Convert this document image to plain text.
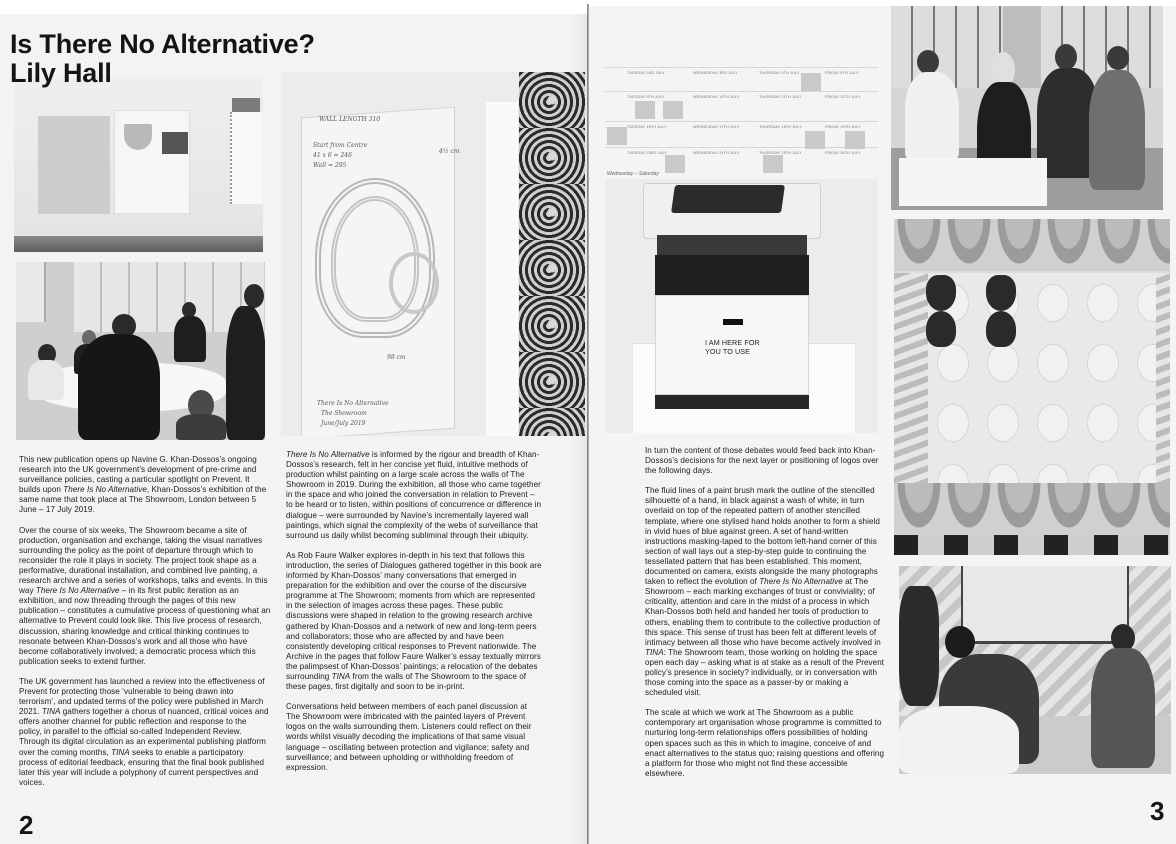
Is There No Alternative?
Lily Hall
WALL LENGTH 310
Start from Centre
41 x 6 = 246
Wall = 295
4½ cm
98 cm
There Is No Alternative
The Showroom
June/July 2019

This new publication opens up Navine G. Khan-Dossos’s ongoing research into the UK government’s development of pre-crime and surveillance policies, casting a particular spotlight on Prevent. It builds upon There Is No Alternative, Khan-Dossos’s exhibition of the same name that took place at The Showroom, London between 5 June – 17 July 2019.

Over the course of six weeks, The Showroom became a site of production, organisation and exchange, taking the visual narratives surrounding the policy as the point of departure through which to reconsider the role it plays in society. The project took shape as a performative, durational installation, and combined live painting, a research archive and a series of workshops, talks and events. In this way There Is No Alternative – in its first public iteration as an exhibition, and now threading through the pages of this new publication – constitutes a cumulative process of questioning what an alternative to Prevent could look like. This live process of research, discussion, sharing knowledge and critical thinking continues to resonate between Khan-Dossos’s work and all those who have become collaboratively involved; a democratic process which this publication seeks to extend further.

The UK government has launched a review into the effectiveness of Prevent for protecting those ‘vulnerable to being drawn into terrorism’, and updated terms of the policy were published in March 2021. TINA gathers together a chorus of nuanced, critical voices and offers another channel for public reflection and response to the policy, in parallel to the official so-called Independent Review. Through its digital circulation as an experimental publishing platform over the coming months, TINA seeks to enable a participatory process of editorial feedback, ensuring that the final book published later this year will include a polyphony of current perspectives and voices.

There Is No Alternative is informed by the rigour and breadth of Khan-Dossos’s research, felt in her concise yet fluid, intuitive methods of production whilst painting on a large scale across the walls of The Showroom in 2019. During the exhibition, all those who came together in the space and who joined the conversation in relation to Prevent – to be heard or to listen, within positions of concurrence or difference in dialogue – were surrounded by Navine’s incrementally layered wall paintings, which signal the complexity of the webs of surveillance that surround us daily whilst becoming subliminal through their ubiquity.

As Rob Faure Walker explores in-depth in his text that follows this introduction, the series of Dialogues gathered together in this book are informed by Khan-Dossos’ many conversations that emerged in preparation for the exhibition and over the course of the discursive programme at The Showroom; moments from which are represented in the selection of images across these pages. These public discussions were shaped in relation to the growing research archive gathered by Khan-Dossos and a network of new and long-term peers and collaborators; those who are affected by and have been consistently developing critical responses to Prevent nationwide. The Archive in the pages that follow Faure Walker’s essay textually mirrors the palimpsest of Khan-Dossos’ paintings; a relocation of the debates surrounding TINA from the walls of The Showroom to the space of these pages, first digitally and soon to be in-print.

Conversations held between members of each panel discussion at The Showroom were imbricated with the painted layers of Prevent logos on the walls surrounding them. Listeners could reflect on their words whilst visually decoding the implications of that same visual language – oscillating between protection and vigilance; safety and surveillance; and between upholding or withholding freedom of expression.

2
TUESDAY 2ND JULY	WEDNESDAY 3RD JULY	THURSDAY 4TH JULY	FRIDAY 5TH JULY
TUESDAY 9TH JULY	WEDNESDAY 10TH JULY	THURSDAY 11TH JULY	FRIDAY 12TH JULY
TUESDAY 16TH JULY	WEDNESDAY 17TH JULY	THURSDAY 18TH JULY	FRIDAY 19TH JULY
TUESDAY 23RD JULY	WEDNESDAY 24TH JULY	THURSDAY 25TH JULY	FRIDAY 26TH JULY
Wednesday – Saturday
I AM HERE FOR
YOU TO USE

In turn the content of those debates would feed back into Khan-Dossos’s decisions for the next layer or positioning of logos over the following days.

The fluid lines of a paint brush mark the outline of the stencilled silhouette of a hand, in black against a wash of white; in turn overlaid on top of the repeated pattern of another stencilled template, where one stylised hand holds another to form a shield in vivid hues of blue against green. A set of hand-written instructions masking-taped to the bottom left-hand corner of this section of wall lays out a step-by-step guide to continuing the tessellated pattern that has been established. This moment, documented on camera, exists alongside the many photographs taken to reflect the evolution of There Is No Alternative at The Showroom – each marking exchanges of trust or conviviality; of criticality, attention and care in the midst of a process in which Khan-Dossos both held and handed her tools of production to others, enabling them to contribute to the collective production of this space. This sense of trust has been felt at different levels of intimacy between all those who have become actively involved in TINA: The Showroom team, those working on holding the space open each day – asking what is at stake as a result of the Prevent policy’s presence in society? individually, or in conversation with those coming into the space as a passer-by or making a scheduled visit.

The scale at which we work at The Showroom as a public contemporary art organisation whose programme is committed to nurturing long-term relationships offers possibilities of holding open spaces such as this in which to imagine, conceive of and enact alternatives to the status quo; raising questions and offering a platform for those who might not find these accessible elsewhere.

3
